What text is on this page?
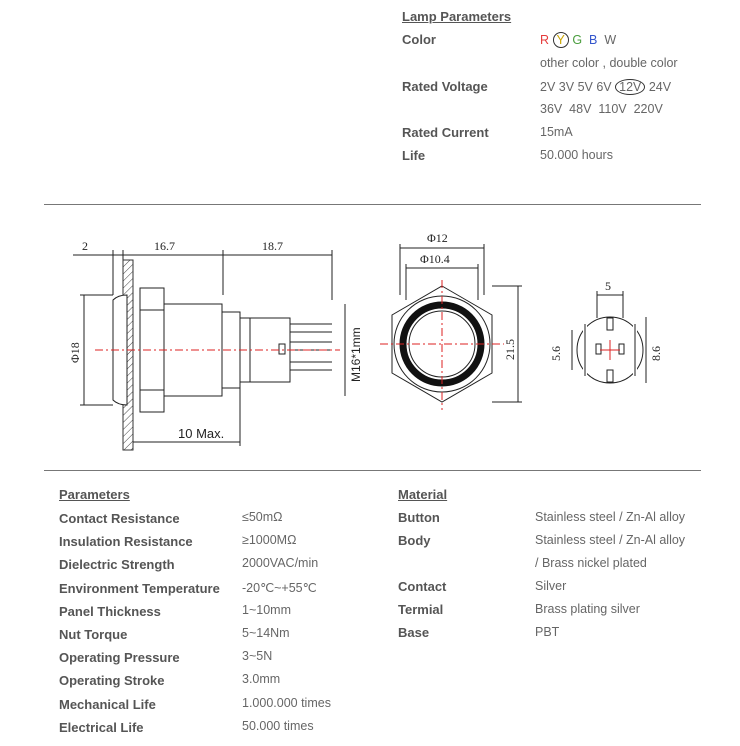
Lamp Parameters
Color	R Y G B W
other color , double color
Rated Voltage	2V 3V 5V 6V 12V 24V
36V  48V  110V  220V
Rated Current	15mA
Life	50.000 hours
2	16.7	18.7
Φ18	M16*1mm
10 Max.
Φ12
Φ10.4
21.5
5
5.6	8.6
Parameters
Contact Resistance	≤50mΩ
Insulation Resistance	≥1000MΩ
Dielectric Strength	2000VAC/min
Environment Temperature -20℃~+55℃
Panel Thickness	1~10mm
Nut Torque	5~14Nm
Operating Pressure	3~5N
Operating Stroke	3.0mm
Mechanical Life	1.000.000 times
Electrical Life	50.000 times
Material
Button	Stainless steel / Zn-Al alloy
Body	Stainless steel / Zn-Al alloy
/ Brass nickel plated
Contact	Silver
Termial	Brass plating silver
Base	PBT
